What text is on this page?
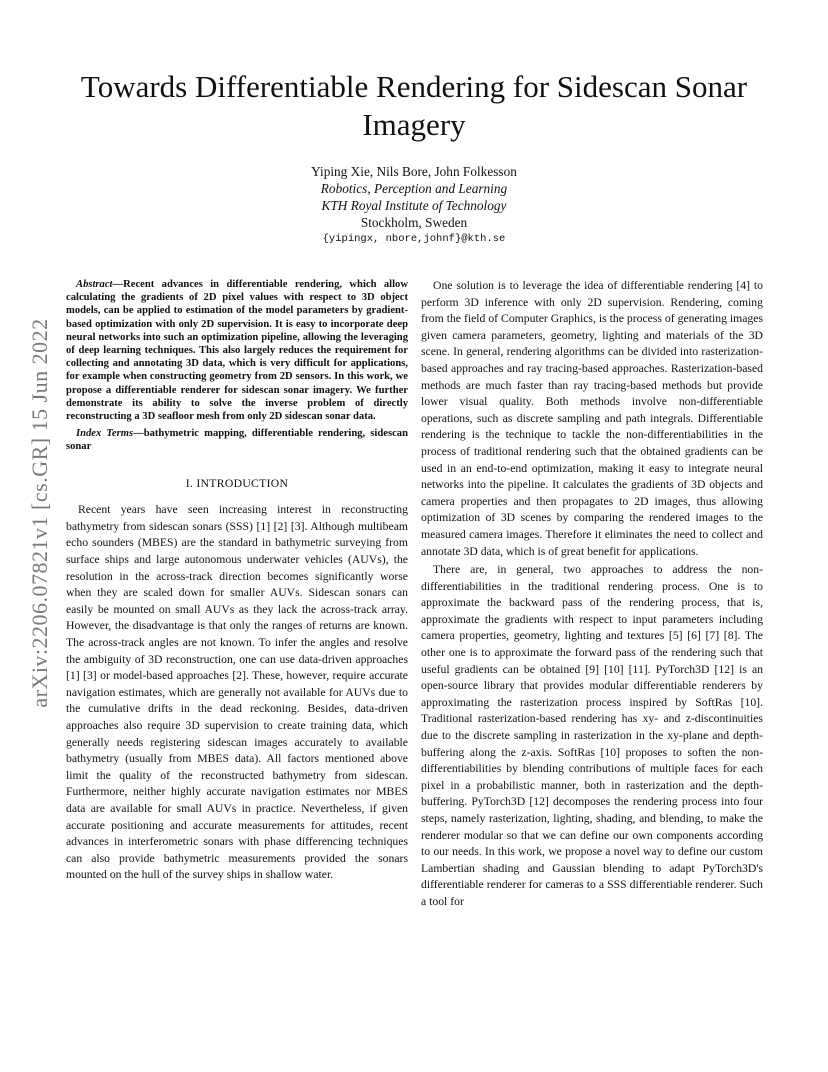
arXiv:2206.07821v1 [cs.GR] 15 Jun 2022
Towards Differentiable Rendering for Sidescan Sonar Imagery
Yiping Xie, Nils Bore, John Folkesson
Robotics, Perception and Learning
KTH Royal Institute of Technology
Stockholm, Sweden
{yipingx, nbore,johnf}@kth.se

Abstract—Recent advances in differentiable rendering, which allow calculating the gradients of 2D pixel values with respect to 3D object models, can be applied to estimation of the model parameters by gradient-based optimization with only 2D supervision. It is easy to incorporate deep neural networks into such an optimization pipeline, allowing the leveraging of deep learning techniques. This also largely reduces the requirement for collecting and annotating 3D data, which is very difficult for applications, for example when constructing geometry from 2D sensors. In this work, we propose a differentiable renderer for sidescan sonar imagery. We further demonstrate its ability to solve the inverse problem of directly reconstructing a 3D seafloor mesh from only 2D sidescan sonar data.

Index Terms—bathymetric mapping, differentiable rendering, sidescan sonar

I. INTRODUCTION

Recent years have seen increasing interest in reconstructing bathymetry from sidescan sonars (SSS) [1] [2] [3]. Although multibeam echo sounders (MBES) are the standard in bathymetric surveying from surface ships and large autonomous underwater vehicles (AUVs), the resolution in the across-track direction becomes significantly worse when they are scaled down for smaller AUVs. Sidescan sonars can easily be mounted on small AUVs as they lack the across-track array. However, the disadvantage is that only the ranges of returns are known. The across-track angles are not known. To infer the angles and resolve the ambiguity of 3D reconstruction, one can use data-driven approaches [1] [3] or model-based approaches [2]. These, however, require accurate navigation estimates, which are generally not available for AUVs due to the cumulative drifts in the dead reckoning. Besides, data-driven approaches also require 3D supervision to create training data, which generally needs registering sidescan images accurately to available bathymetry (usually from MBES data). All factors mentioned above limit the quality of the reconstructed bathymetry from sidescan. Furthermore, neither highly accurate navigation estimates nor MBES data are available for small AUVs in practice. Nevertheless, if given accurate positioning and accurate measurements for attitudes, recent advances in interferometric sonars with phase differencing techniques can also provide bathymetric measurements provided the sonars mounted on the hull of the survey ships in shallow water.

One solution is to leverage the idea of differentiable rendering [4] to perform 3D inference with only 2D supervision. Rendering, coming from the field of Computer Graphics, is the process of generating images given camera parameters, geometry, lighting and materials of the 3D scene. In general, rendering algorithms can be divided into rasterization-based approaches and ray tracing-based approaches. Rasterization-based methods are much faster than ray tracing-based methods but provide lower visual quality. Both methods involve non-differentiable operations, such as discrete sampling and path integrals. Differentiable rendering is the technique to tackle the non-differentiabilities in the process of traditional rendering such that the obtained gradients can be used in an end-to-end optimization, making it easy to integrate neural networks into the pipeline. It calculates the gradients of 3D objects and camera properties and then propagates to 2D images, thus allowing optimization of 3D scenes by comparing the rendered images to the measured camera images. Therefore it eliminates the need to collect and annotate 3D data, which is of great benefit for applications.

There are, in general, two approaches to address the non-differentiabilities in the traditional rendering process. One is to approximate the backward pass of the rendering process, that is, approximate the gradients with respect to input parameters including camera properties, geometry, lighting and textures [5] [6] [7] [8]. The other one is to approximate the forward pass of the rendering such that useful gradients can be obtained [9] [10] [11]. PyTorch3D [12] is an open-source library that provides modular differentiable renderers by approximating the rasterization process inspired by SoftRas [10]. Traditional rasterization-based rendering has xy- and z-discontinuities due to the discrete sampling in rasterization in the xy-plane and depth-buffering along the z-axis. SoftRas [10] proposes to soften the non-differentiabilities by blending contributions of multiple faces for each pixel in a probabilistic manner, both in rasterization and the depth-buffering. PyTorch3D [12] decomposes the rendering process into four steps, namely rasterization, lighting, shading, and blending, to make the renderer modular so that we can define our own components according to our needs. In this work, we propose a novel way to define our custom Lambertian shading and Gaussian blending to adapt PyTorch3D's differentiable renderer for cameras to a SSS differentiable renderer. Such a tool for
